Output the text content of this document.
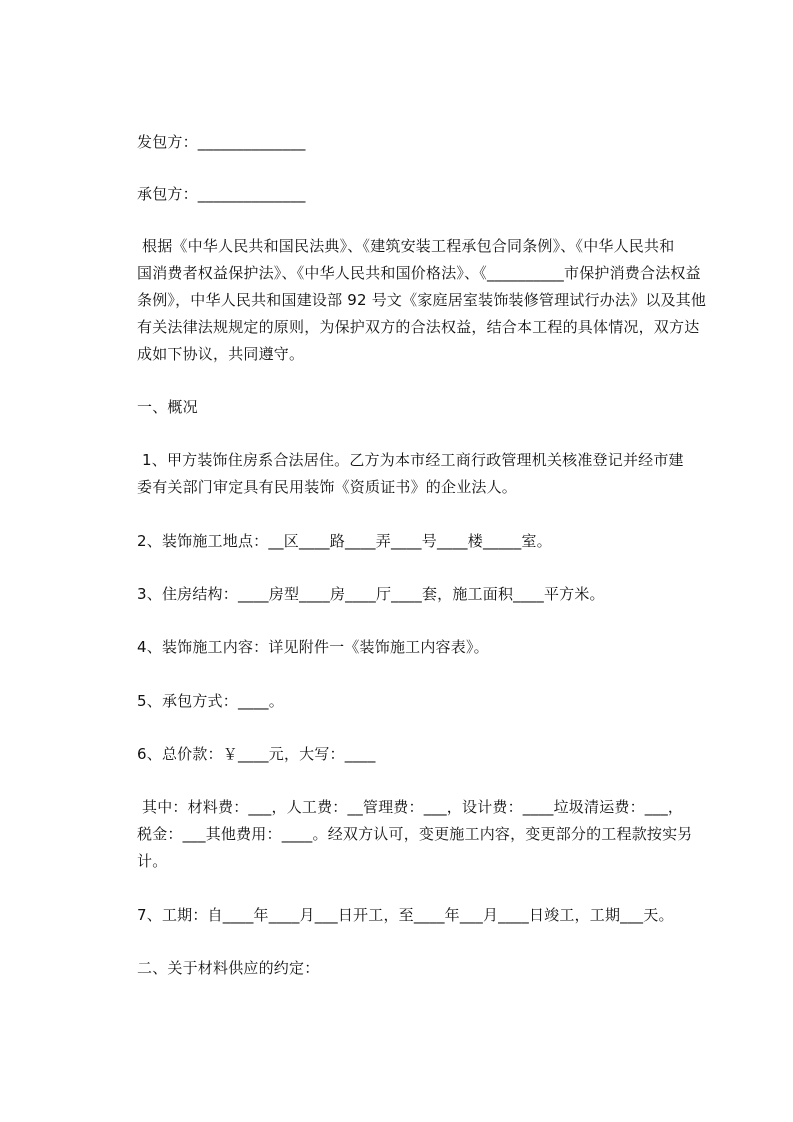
发包方：______________
承包方：______________
根据《中华人民共和国民法典》、《建筑安装工程承包合同条例》、《中华人民共和
国消费者权益保护法》、《中华人民共和国价格法》、《__________市保护消费合法权益
条例》，中华人民共和国建设部 92 号文《家庭居室装饰装修管理试行办法》以及其他
有关法律法规规定的原则，为保护双方的合法权益，结合本工程的具体情况，双方达
成如下协议，共同遵守。
一、概况
1、甲方装饰住房系合法居住。乙方为本市经工商行政管理机关核准登记并经市建
委有关部门审定具有民用装饰《资质证书》的企业法人。
2、装饰施工地点：__区____路____弄____号____楼_____室。
3、住房结构：____房型____房____厅____套，施工面积____平方米。
4、装饰施工内容：详见附件一《装饰施工内容表》。
5、承包方式：____。
6、总价款：￥____元，大写：____
其中：材料费：___，人工费：__管理费：___，设计费：____垃圾清运费：___，
税金：___其他费用：____。经双方认可，变更施工内容，变更部分的工程款按实另
计。
7、工期：自____年____月___日开工，至____年___月____日竣工，工期___天。
二、关于材料供应的约定：
